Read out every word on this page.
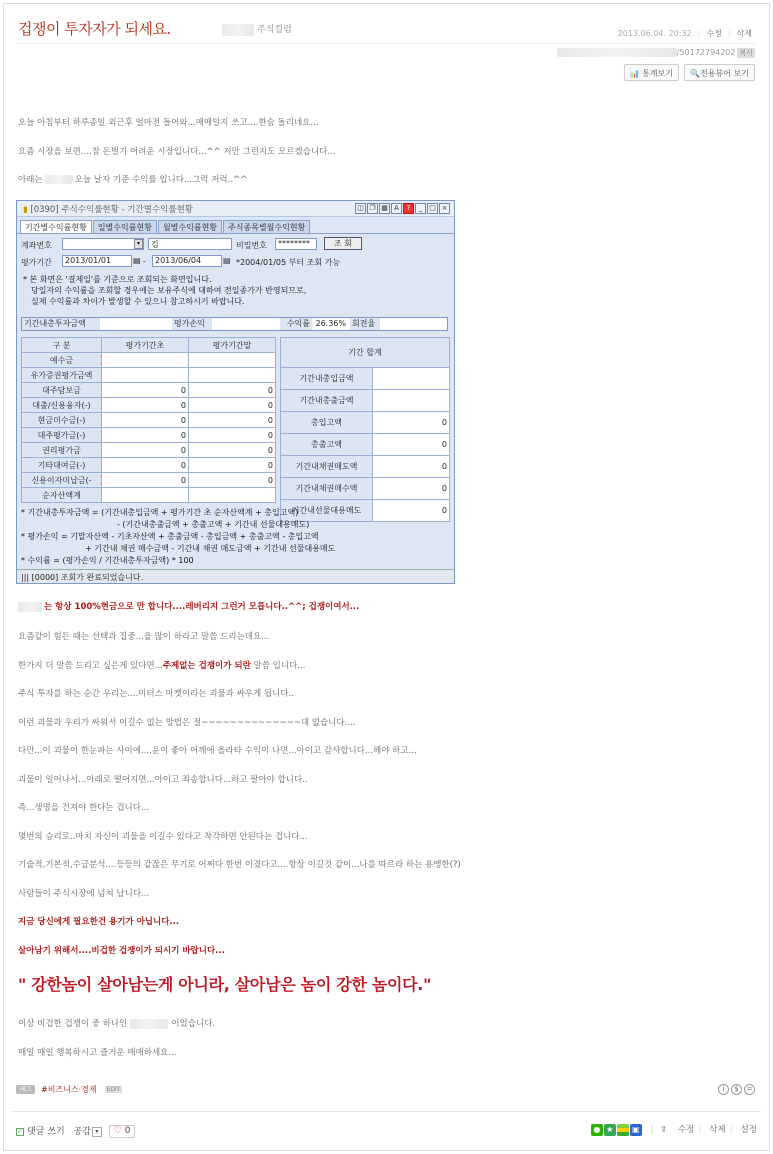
겁쟁이 투자자가 되세요.	주식컬럼	2013.06.04. 20:32 | 수정 | 삭제
/50172794202 복사
📊 통계보기	🔍전용뷰어 보기
오늘 아침부터 하루종일 외근후 얼마전 들어와...매매일지 쓰고....한숨 돌리네요...
요즘 시장을 보면....참 돈벌기 어려운 시장입니다...^^ 저만 그런지도 모르겠습니다...
아래는	오늘 날자 기준 수익률 입니다...그럭 저럭..^^
▮ [0390] 주식수익률현황 - 기간별수익률현황	◫ ❐ ▦ A ? _ □ ×
기간별수익률현황 일별수익률현황 월별수익률현황 주식종목별월수익현황
계좌번호	▾	김	비밀번호	********	조 회
평가기간	2013/01/01	▤ -	2013/06/04	▤ *2004/01/05 부터 조회 가능
* 본 화면은 '결제일'를 기준으로 조회되는 화면입니다.
당일자의 수익률을 조회할 경우에는 보유주식에 대하여 전일종가가 반영되므로,
실제 수익률과 차이가 발생할 수 있으니 참고하시기 바랍니다.
기간내총투자금액	평가손익	수익률 26.36% 회전율
구 분	평가기간초	평가기간말
예수금		
유가증권평가금액		
대주담보금	0	0
대출/신용융자(-)	0	0
현금미수금(-)	0	0
대주평가금(-)	0	0
권리평가금	0	0
기타대여금(-)	0	0
신용이자미납금(-	0	0
순자산액계		
기간 합계	
기간내총입금액	
기간내총출금액	
총입고액	0
총출고액	0
기간내채권매도액	0
기간내채권매수액	0
기간내선물대용매도	0
* 기간내총투자금액 = (기간내총입금액 + 평가기간 초 순자산액계 + 총입고액)
- (기간내총출금액 + 총출고액 + 기간내 선물대용매도)
* 평가손익 = 기말자산액 - 기초자산액 + 총출금액 - 총입금액 + 총출고액 - 총입고액
+ 기간내 채권 매수금액 - 기간내 채권 매도금액 + 기간내 선물대용매도
* 수익률 = (평가손익 / 기간내총투자금액) * 100
||| [0000] 조회가 완료되었습니다.
는 항상 100%현금으로 만 합니다....레버리지 그런거 모릅니다..^^; 겁쟁이여서...
요즘같이 힘든 때는 선택과 집중...을 많이 하라고 말씀 드리는데요...
한가지 더 말씀 드리고 싶은게 있다면...주제없는 겁쟁이가 되란 말씀 입니다...
주식 투자를 하는 순간 우리는....미터스 마켓이라는 괴물과 싸우게 됩니다..
이런 괴물과 우리가 싸워서 이길수 없는 방법은 절~~~~~~~~~~~~~~대 없습니다....
다만...이 괴물이 한눈파는 사이에....운이 좋아 어깨에 올라타 수익이 나면...아이고 감사합니다...해야 하고...
괴물이 일어나서...아래로 떨어지면...아이고 죄송합니다...하고 팔아야 합니다..
즉...생명을 건져야 한다는 겁니다...
몇번의 승리로..마치 자신이 괴물을 이길수 있다고 착각하면 안된다는 겁니다...
기술적,기본적,수급분석....등등의 같잖은 무기로 어쩌다 한번 이겼다고....항상 이길것 같이...나를 따르라 하는 용맹한(?)
사람들이 주식시장에 넘쳐 납니다...
지금 당신에게 필요한건 용기가 아닙니다...
살아남기 위해서....비겁한 겁쟁이가 되시기 바랍니다...
" 강한놈이 살아남는게 아니라, 살아남은 놈이 강한 놈이다."
이상 비겁한 겁쟁이 중 하나인	이었습니다.
매일 매일 행복하시고 즐거운 매매하세요...
태그 #비즈니스·경제 EDIT	i $ =
✓ 댓글 쓰기 공감 ▾ ♡ 0	● ★ ▣ | ⇪ 수정 | 삭제 | 설정
